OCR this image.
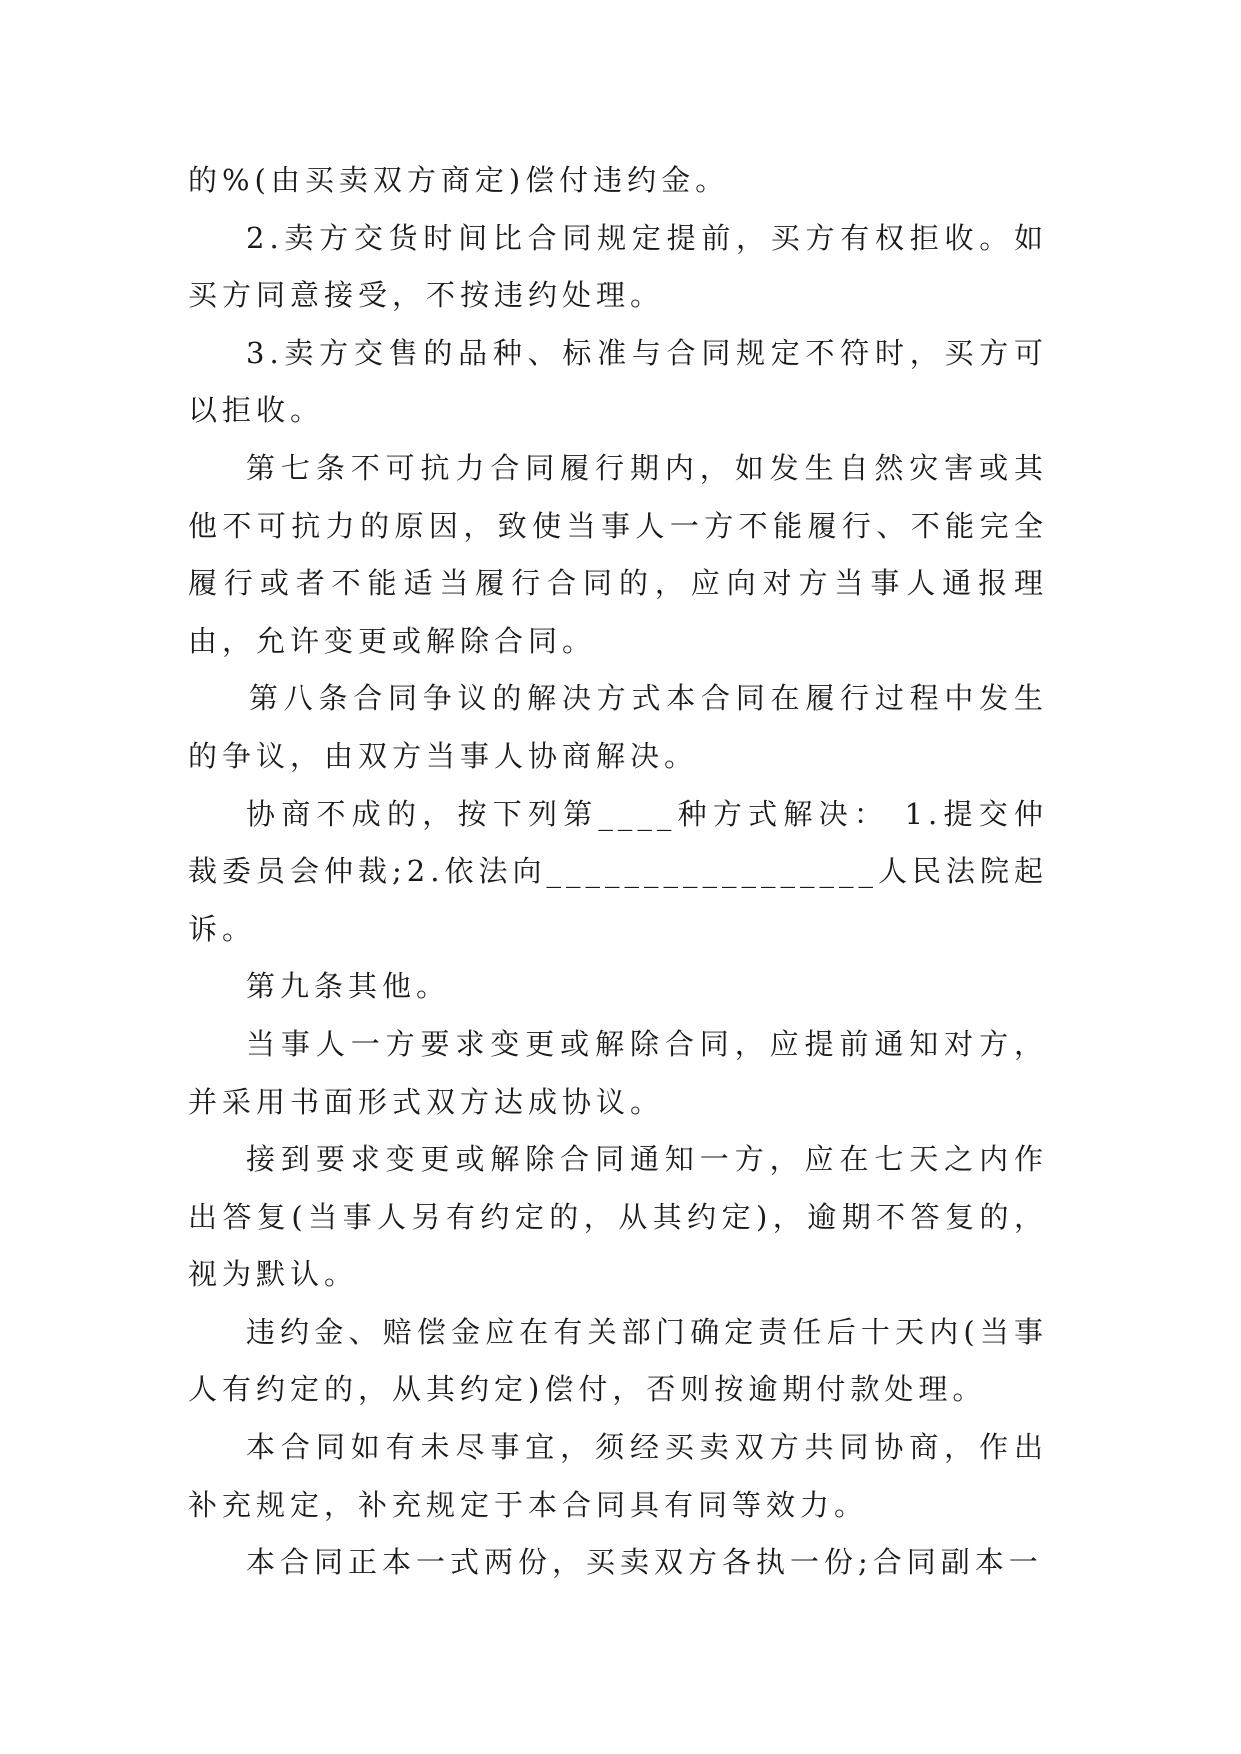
的%(由买卖双方商定)偿付违约金。

2.卖方交货时间比合同规定提前，买方有权拒收。如买方同意接受，不按违约处理。

3.卖方交售的品种、标准与合同规定不符时，买方可以拒收。

第七条不可抗力合同履行期内，如发生自然灾害或其他不可抗力的原因，致使当事人一方不能履行、不能完全履行或者不能适当履行合同的，应向对方当事人通报理由，允许变更或解除合同。

第八条合同争议的解决方式本合同在履行过程中发生的争议，由双方当事人协商解决。

协商不成的，按下列第____种方式解决： 1.提交仲裁委员会仲裁;2.依法向_________________人民法院起诉。

第九条其他。

当事人一方要求变更或解除合同，应提前通知对方，并采用书面形式双方达成协议。

接到要求变更或解除合同通知一方，应在七天之内作出答复(当事人另有约定的，从其约定)，逾期不答复的，视为默认。

违约金、赔偿金应在有关部门确定责任后十天内(当事人有约定的，从其约定)偿付，否则按逾期付款处理。

本合同如有未尽事宜，须经买卖双方共同协商，作出补充规定，补充规定于本合同具有同等效力。

本合同正本一式两份，买卖双方各执一份;合同副本一
